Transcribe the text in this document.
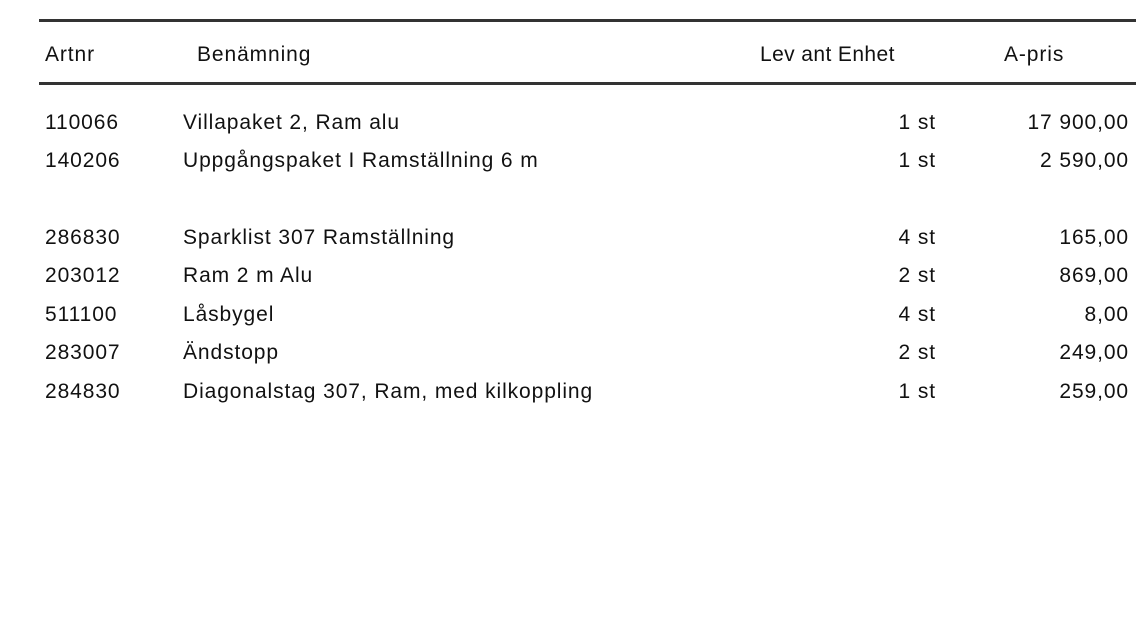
Artnr	Benämning	Lev ant Enhet	A-pris
110066	Villapaket 2, Ram alu	1 st	17 900,00
140206	Uppgångspaket I Ramställning 6 m	1 st	2 590,00
286830	Sparklist 307 Ramställning	4 st	165,00
203012	Ram 2 m Alu	2 st	869,00
511100	Låsbygel	4 st	8,00
283007	Ändstopp	2 st	249,00
284830	Diagonalstag 307, Ram, med kilkoppling	1 st	259,00
